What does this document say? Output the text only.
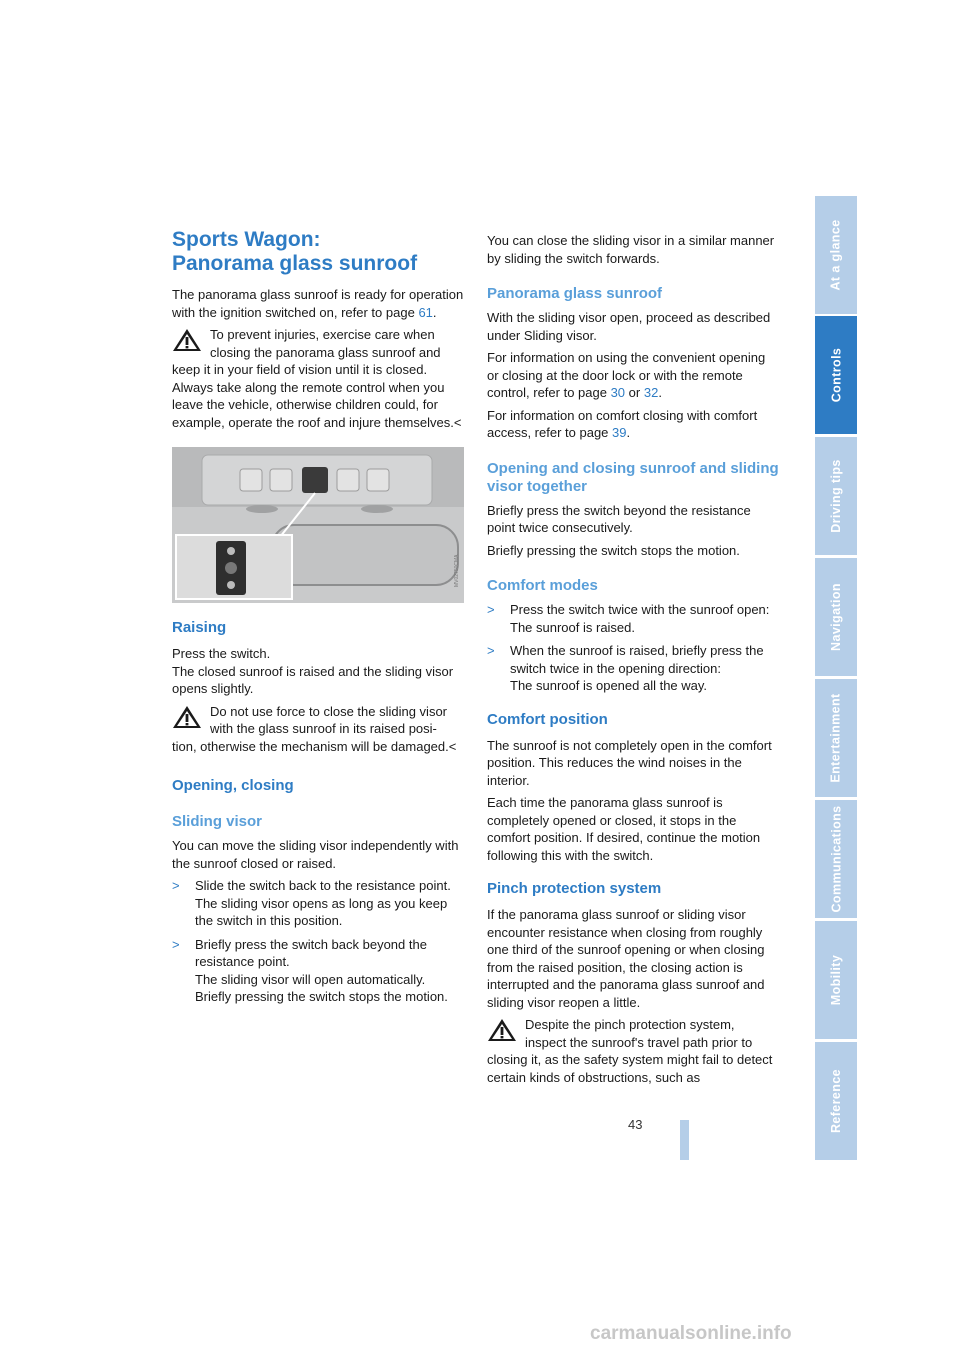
Sports Wagon:
Panorama glass sunroof

The panorama glass sunroof is ready for operation with the ignition switched on, refer to page 61.

To prevent injuries, exercise care when closing the panorama glass sunroof and
keep it in your field of vision until it is closed. Always take along the remote control when you leave the vehicle, otherwise children could, for example, operate the roof and injure themselves.<
MV02750CMA
Raising

Press the switch.

The closed sunroof is raised and the sliding visor opens slightly.

Do not use force to close the sliding visor with the glass sunroof in its raised posi-
tion, otherwise the mechanism will be damaged.<
Opening, closing
Sliding visor

You can move the sliding visor independently with the sunroof closed or raised.

> Slide the switch back to the resistance point.
The sliding visor opens as long as you keep the switch in this position.
> Briefly press the switch back beyond the resistance point.
The sliding visor will open automatically. Briefly pressing the switch stops the motion.

You can close the sliding visor in a similar manner by sliding the switch forwards.

Panorama glass sunroof

With the sliding visor open, proceed as described under Sliding visor.

For information on using the convenient opening or closing at the door lock or with the remote control, refer to page 30 or 32.

For information on comfort closing with comfort access, refer to page 39.

Opening and closing sunroof and sliding visor together

Briefly press the switch beyond the resistance point twice consecutively.

Briefly pressing the switch stops the motion.

Comfort modes
> Press the switch twice with the sunroof open:
The sunroof is raised.
> When the sunroof is raised, briefly press the switch twice in the opening direction:
The sunroof is opened all the way.
Comfort position

The sunroof is not completely open in the comfort position. This reduces the wind noises in the interior.

Each time the panorama glass sunroof is completely opened or closed, it stops in the comfort position. If desired, continue the motion following this with the switch.

Pinch protection system

If the panorama glass sunroof or sliding visor encounter resistance when closing from roughly one third of the sunroof opening or when closing from the raised position, the closing action is interrupted and the panorama glass sunroof and sliding visor reopen a little.

Despite the pinch protection system, inspect the sunroof's travel path prior to
closing it, as the safety system might fail to detect certain kinds of obstructions, such as
At a glance
Controls
Driving tips
Navigation
Entertainment
Communications
Mobility
Reference
43
carmanualsonline.info
